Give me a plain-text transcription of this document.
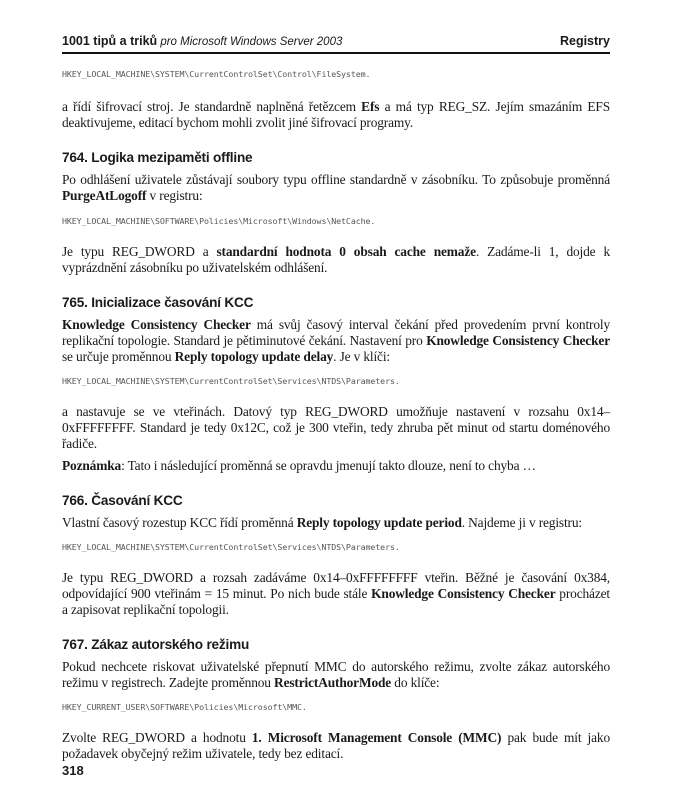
1001 tipů a triků pro Microsoft Windows Server 2003	Registry

HKEY_LOCAL_MACHINE\SYSTEM\CurrentControlSet\Control\FileSystem.

a řídí šifrovací stroj. Je standardně naplněná řetězcem Efs a má typ REG_SZ. Jejím smazáním EFS deaktivujeme, editací bychom mohli zvolit jiné šifrovací programy.

764. Logika mezipaměti offline

Po odhlášení uživatele zůstávají soubory typu offline standardně v zásobníku. To způsobuje proměnná PurgeAtLogoff v registru:

HKEY_LOCAL_MACHINE\SOFTWARE\Policies\Microsoft\Windows\NetCache.

Je typu REG_DWORD a standardní hodnota 0 obsah cache nemaže. Zadáme-li 1, dojde k vyprázdnění zásobníku po uživatelském odhlášení.

765. Inicializace časování KCC

Knowledge Consistency Checker má svůj časový interval čekání před provedením první kontroly replikační topologie. Standard je pětiminutové čekání. Nastavení pro Knowledge Consistency Checker se určuje proměnnou Reply topology update delay. Je v klíči:

HKEY_LOCAL_MACHINE\SYSTEM\CurrentControlSet\Services\NTDS\Parameters.

a nastavuje se ve vteřinách. Datový typ REG_DWORD umožňuje nastavení v rozsahu 0x14–0xFFFFFFFF. Standard je tedy 0x12C, což je 300 vteřin, tedy zhruba pět minut od startu doménového řadiče.

Poznámka: Tato i následující proměnná se opravdu jmenují takto dlouze, není to chyba …

766. Časování KCC

Vlastní časový rozestup KCC řídí proměnná Reply topology update period. Najdeme ji v registru:

HKEY_LOCAL_MACHINE\SYSTEM\CurrentControlSet\Services\NTDS\Parameters.

Je typu REG_DWORD a rozsah zadáváme 0x14–0xFFFFFFFF vteřin. Běžné je časování 0x384, odpovídající 900 vteřinám = 15 minut. Po nich bude stále Knowledge Consistency Checker procházet a zapisovat replikační topologii.

767. Zákaz autorského režimu

Pokud nechcete riskovat uživatelské přepnutí MMC do autorského režimu, zvolte zákaz autorského režimu v registrech. Zadejte proměnnou RestrictAuthorMode do klíče:

HKEY_CURRENT_USER\SOFTWARE\Policies\Microsoft\MMC.

Zvolte REG_DWORD a hodnotu 1. Microsoft Management Console (MMC) pak bude mít jako požadavek obyčejný režim uživatele, tedy bez editací.

318
